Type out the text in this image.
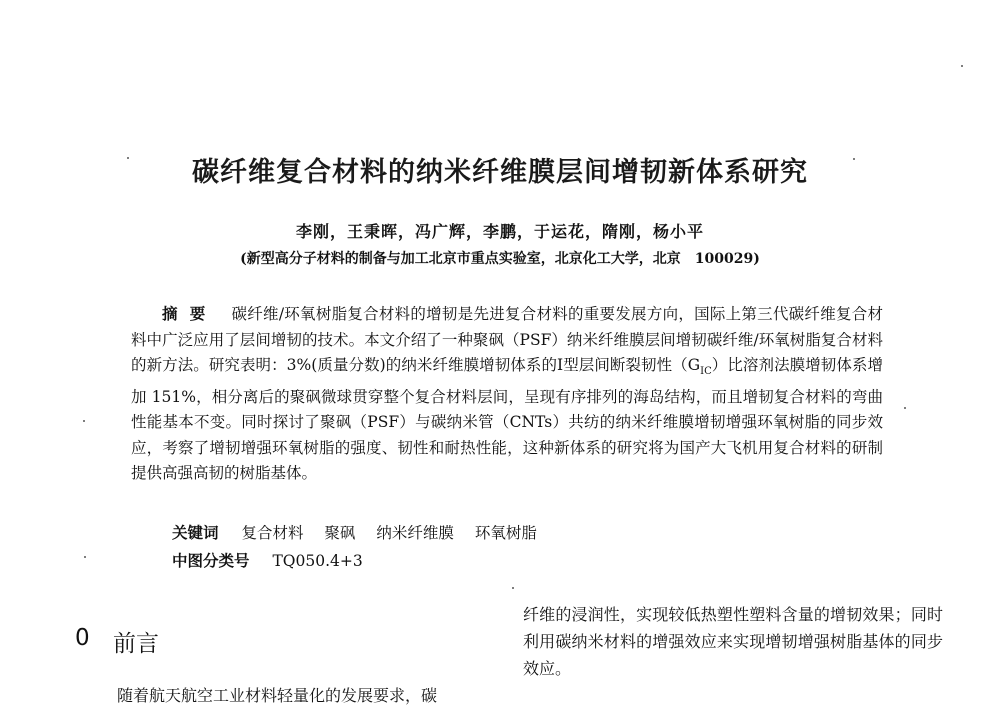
碳纤维复合材料的纳米纤维膜层间增韧新体系研究
李刚，王秉晖，冯广辉，李鹏，于运花，隋刚，杨小平
(新型高分子材料的制备与加工北京市重点实验室，北京化工大学，北京　100029)
摘要 碳纤维/环氧树脂复合材料的增韧是先进复合材料的重要发展方向，国际上第三代碳纤维复合材料中广泛应用了层间增韧的技术。本文介绍了一种聚砜（PSF）纳米纤维膜层间增韧碳纤维/环氧树脂复合材料的新方法。研究表明：3%(质量分数)的纳米纤维膜增韧体系的Ⅰ型层间断裂韧性$(G_{IC})$比溶剂法膜增韧体系增加 151%，相分离后的聚砜微球贯穿整个复合材料层间，呈现有序排列的海岛结构，而且增韧复合材料的弯曲性能基本不变。同时探讨了聚砜（PSF）与碳纳米管（CNTs）共纺的纳米纤维膜增韧增强环氧树脂的同步效应，考察了增韧增强环氧树脂的强度、韧性和耐热性能，这种新体系的研究将为国产大飞机用复合材料的研制提供高强高韧的树脂基体。
关键词 复合材料 聚砜 纳米纤维膜 环氧树脂
中图分类号 TQ050.4+3
0 前言
随着航天航空工业材料轻量化的发展要求，碳
纤维的浸润性，实现较低热塑性塑料含量的增韧效果；同时利用碳纳米材料的增强效应来实现增韧增强树脂基体的同步效应。
